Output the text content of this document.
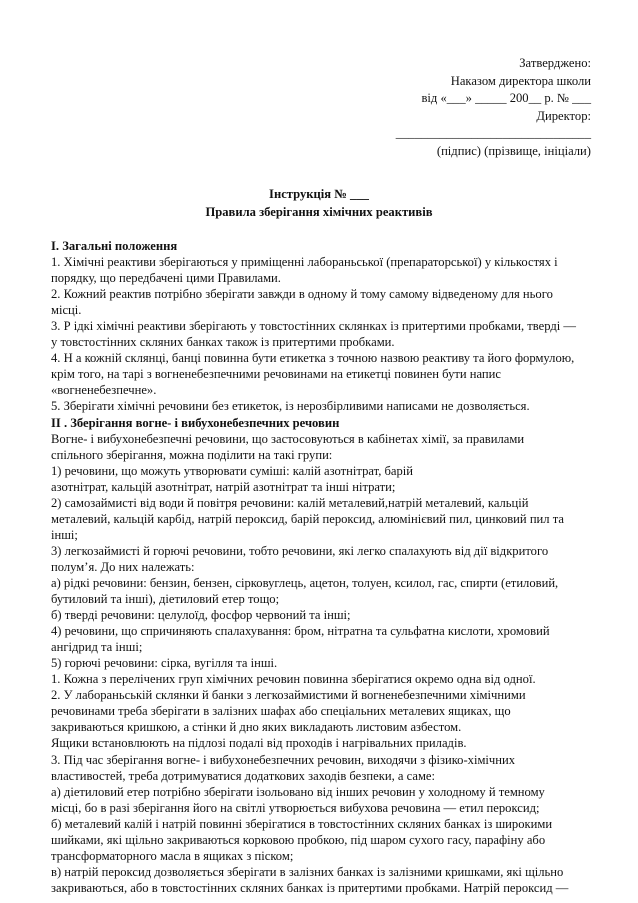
Затверджено:
Наказом директора школи
від «___» _____ 200__ р. № ___
Директор:
_______________________________
(підпис) (прізвище, ініціали)
Інструкція № ___
Правила зберігання хімічних реактивів
І. Загальні положення
1. Хімічні реактиви зберігаються у приміщенні лабораньської (препараторської) у кількостях і
порядку, що передбачені цими Правилами.
2. Кожний реактив потрібно зберігати завжди в одному й тому самому відведеному для нього
місці.
3. Р ідкі хімічні реактиви зберігають у товстостінних склянках із притертими пробками, тверді —
у товстостінних скляних банках також із притертими пробками.
4. Н а кожній склянці, банці повинна бути етикетка з точною назвою реактиву та його формулою,
крім того, на тарі з вогненебезпечними речовинами на етикетці повинен бути напис
«вогненебезпечне».
5. Зберігати хімічні речовини без етикеток, із нерозбірливими написами не дозволяється.
II . Зберігання вогне- і вибухонебезпечних речовин
Вогне- і вибухонебезпечні речовини, що застосовуються в кабінетах хімії, за правилами
спільного зберігання, можна поділити на такі групи:
1) речовини, що можуть утворювати суміші: калій азотнітрат, барій
азотнітрат, кальцій азотнітрат, натрій азотнітрат та інші нітрати;
2) самозаймисті від води й повітря речовини: калій металевий,натрій металевий, кальцій
металевий, кальцій карбід, натрій пероксид, барій пероксид, алюмінієвий пил, цинковий пил та
інші;
3) легкозаймисті й горючі речовини, тобто речовини, які легко спалахують від дії відкритого
полум’я. До них належать:
а) рідкі речовини: бензин, бензен, сірковуглець, ацетон, толуен, ксилол, гас, спирти (етиловий,
бутиловий та інші), діетиловий етер тощо;
б) тверді речовини: целулоїд, фосфор червоний та інші;
4) речовини, що спричиняють спалахування: бром, нітратна та сульфатна кислоти, хромовий
ангідрид та інші;
5) горючі речовини: сірка, вугілля та інші.
1. Кожна з перелічених груп хімічних речовин повинна зберігатися окремо одна від одної.
2. У лабораньській склянки й банки з легкозаймистими й вогненебезпечними хімічними
речовинами треба зберігати в залізних шафах або спеціальних металевих ящиках, що
закриваються кришкою, а стінки й дно яких викладають листовим азбестом.
Ящики встановлюють на підлозі подалі від проходів і нагрівальних приладів.
3. Під час зберігання вогне- і вибухонебезпечних речовин, виходячи з фізико-хімічних
властивостей, треба дотримуватися додаткових заходів безпеки, а саме:
а) діетиловий етер потрібно зберігати ізольовано від інших речовин у холодному й темному
місці, бо в разі зберігання його на світлі утворюється вибухова речовина — етил пероксид;
б) металевий калій і натрій повинні зберігатися в товстостінних скляних банках із широкими
шийками, які щільно закриваються корковою пробкою, під шаром сухого гасу, парафіну або
трансформаторного масла в ящиках з піском;
в) натрій пероксид дозволяється зберігати в залізних банках із залізними кришками, які щільно
закриваються, або в товстостінних скляних банках із притертими пробками. Натрій пероксид —
